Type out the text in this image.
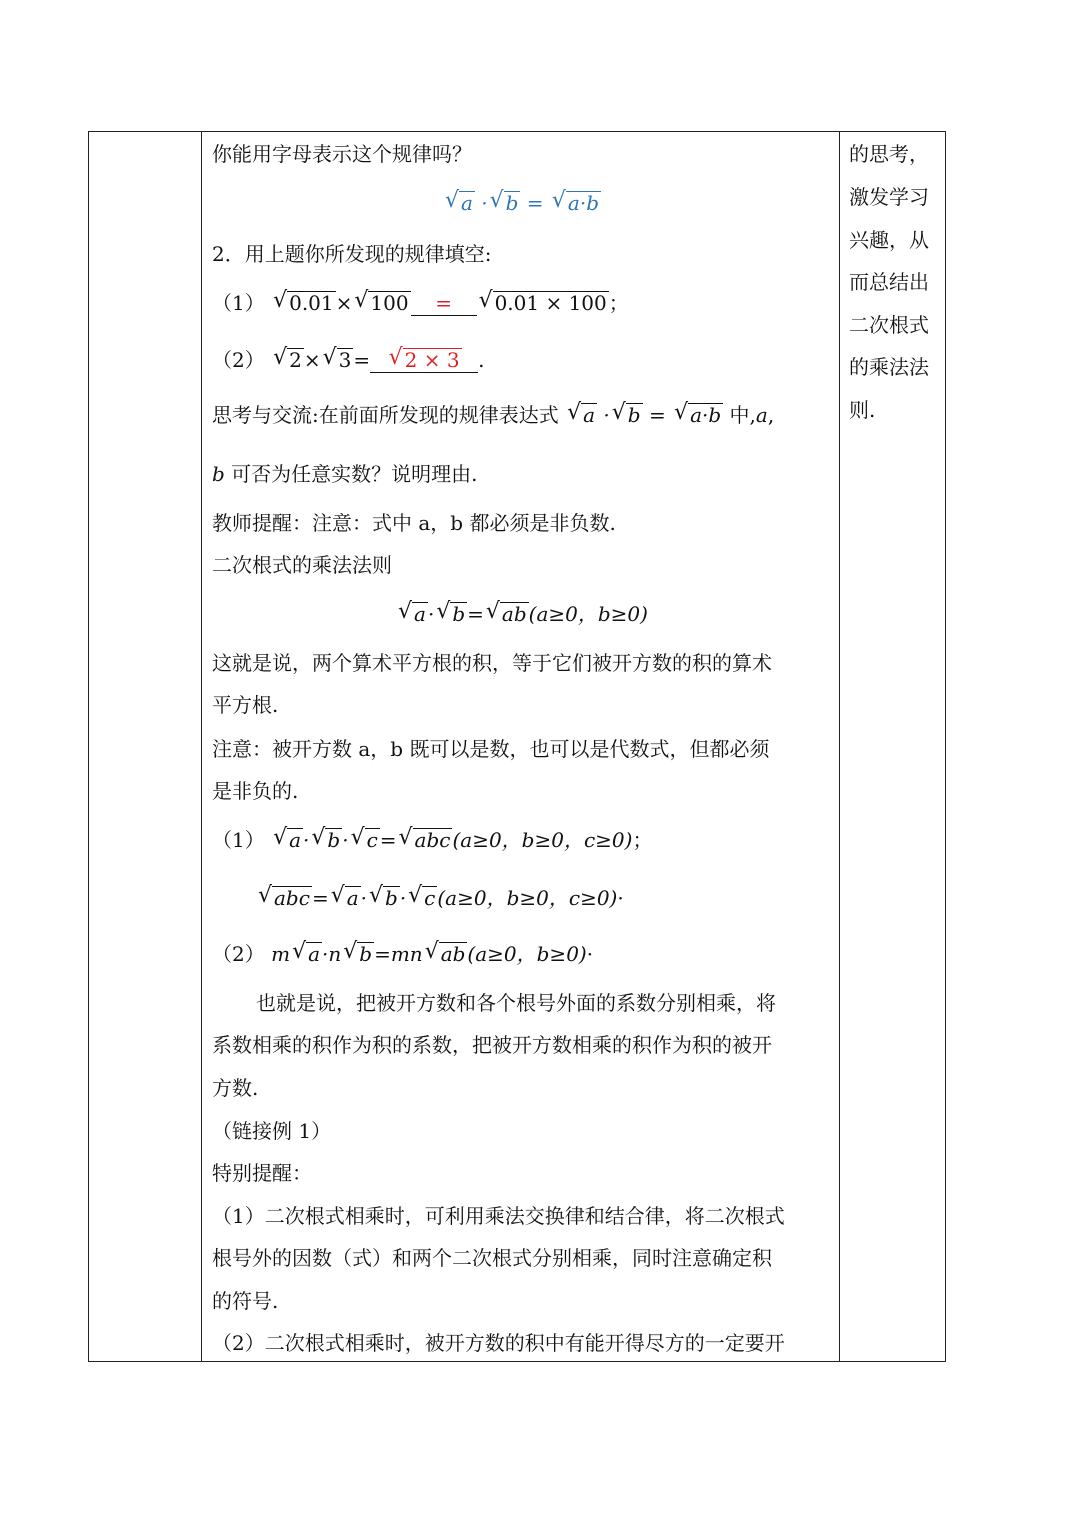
你能用字母表示这个规律吗？
√ a · √ b = √ a·b
2．用上题你所发现的规律填空:
（1） √ 0.01 × √ 100 = √ 0.01 × 100 ；
（2） √ 2 × √ 3 = √ 2 × 3 .
思考与交流:在前面所发现的规律表达式 √ a · √ b = √ a·b 中,a,
b 可否为任意实数？说明理由.
教师提醒：注意：式中 a，b 都必须是非负数.
二次根式的乘法法则
√ a · √ b = √ ab (a≥0，b≥0)
这就是说，两个算术平方根的积，等于它们被开方数的积的算术
平方根.
注意：被开方数 a，b 既可以是数，也可以是代数式，但都必须
是非负的.
（1） √ a · √ b · √ c = √ abc (a≥0，b≥0，c≥0)；
√ abc = √ a · √ b · √ c (a≥0，b≥0，c≥0)·
（2） m √ a ·n √ b =mn √ ab (a≥0，b≥0)·
也就是说，把被开方数和各个根号外面的系数分别相乘，将
系数相乘的积作为积的系数，把被开方数相乘的积作为积的被开
方数.
（链接例 1）
特别提醒：
（1）二次根式相乘时，可利用乘法交换律和结合律，将二次根式
根号外的因数（式）和两个二次根式分别相乘，同时注意确定积
的符号.
（2）二次根式相乘时，被开方数的积中有能开得尽方的一定要开
的思考，
激发学习
兴趣，从
而总结出
二次根式
的乘法法
则.
